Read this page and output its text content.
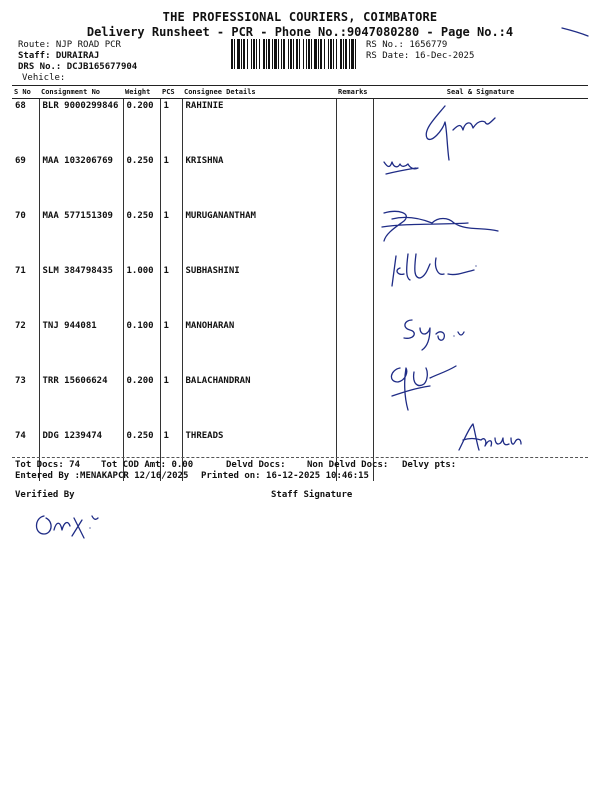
THE PROFESSIONAL COURIERS, COIMBATORE
Delivery Runsheet - PCR - Phone No.:9047080280 - Page No.:4
Route: NJP ROAD PCR
Staff: DURAIRAJ
DRS No.: DCJB165677904
Vehicle:
RS No.: 1656779
RS Date: 16-Dec-2025
S No	Consignment No	Weight	PCS	Consignee Details	Remarks	Seal & Signature
68	BLR 9000299846	0.200	1	RAHINIE		
69	MAA 103206769	0.250	1	KRISHNA		
70	MAA 577151309	0.250	1	MURUGANANTHAM		
71	SLM 384798435	1.000	1	SUBHASHINI		
72	TNJ 944081	0.100	1	MANOHARAN		
73	TRR 15606624	0.200	1	BALACHANDRAN		
74	DDG 1239474	0.250	1	THREADS		
Tot Docs: 74 Tot COD Amt: 0.00	Delvd Docs: Non Delvd Docs: Delvy pts:
Entered By :MENAKAPCR 12/16/2025 Printed on: 16-12-2025 10:46:15
Verified By	Staff Signature
